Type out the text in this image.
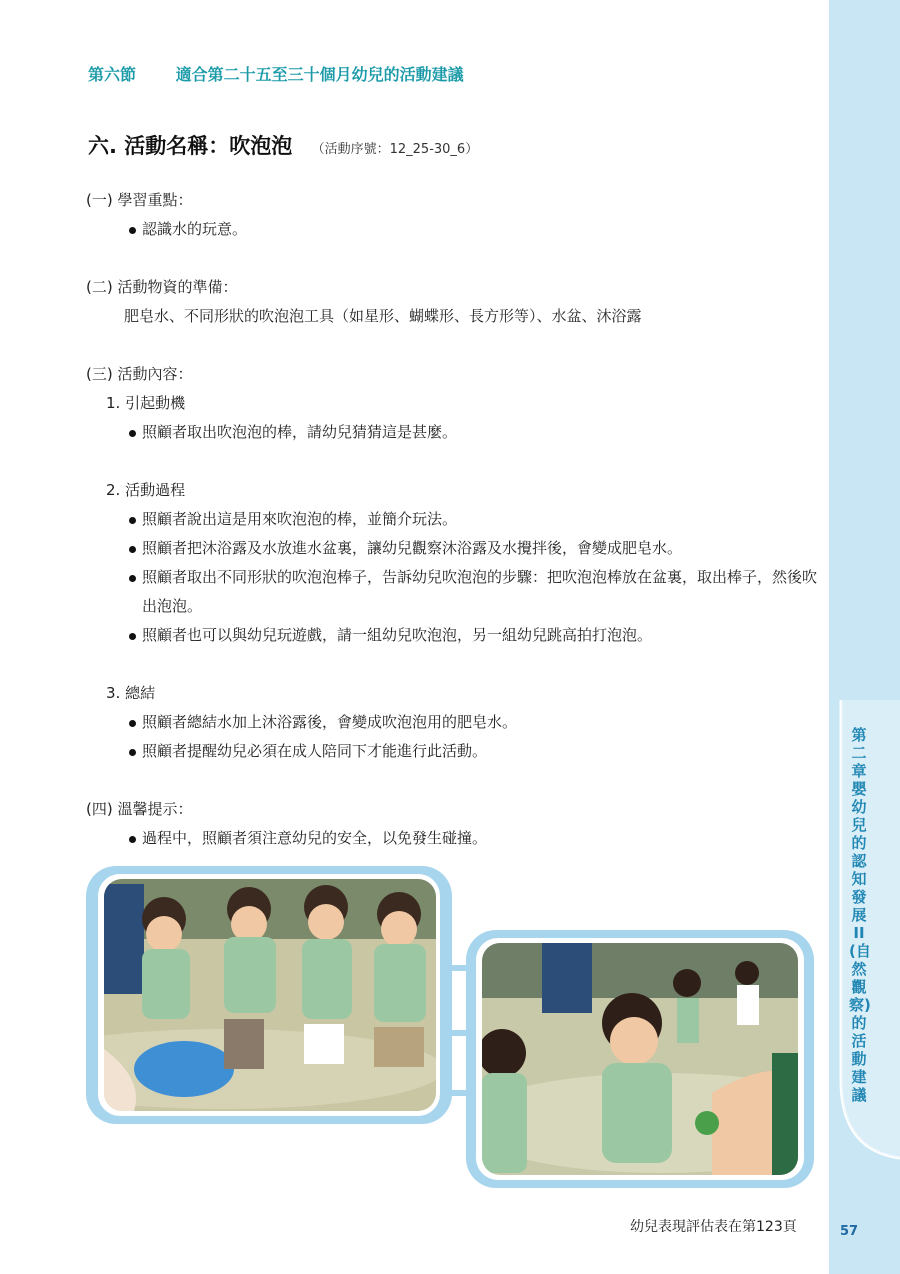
第六節 適合第二十五至三十個月幼兒的活動建議
六. 活動名稱：吹泡泡 （活動序號：12_25-30_6）
(一) 學習重點：
認識水的玩意。
(二) 活動物資的準備：
肥皂水、不同形狀的吹泡泡工具（如星形、蝴蝶形、長方形等）、水盆、沐浴露
(三) 活動內容：
1. 引起動機
照顧者取出吹泡泡的棒，請幼兒猜猜這是甚麼。
2. 活動過程
照顧者說出這是用來吹泡泡的棒，並簡介玩法。
照顧者把沐浴露及水放進水盆裏，讓幼兒觀察沐浴露及水攪拌後，會變成肥皂水。
照顧者取出不同形狀的吹泡泡棒子，告訴幼兒吹泡泡的步驟：把吹泡泡棒放在盆裏，取出棒子，然後吹出泡泡。
照顧者也可以與幼兒玩遊戲，請一組幼兒吹泡泡，另一組幼兒跳高拍打泡泡。
3. 總結
照顧者總結水加上沐浴露後，會變成吹泡泡用的肥皂水。
照顧者提醒幼兒必須在成人陪同下才能進行此活動。
(四) 溫馨提示：
過程中，照顧者須注意幼兒的安全，以免發生碰撞。
第二章 嬰幼兒的認知發展II(自然觀察)的活動建議
幼兒表現評估表在第123頁	57
